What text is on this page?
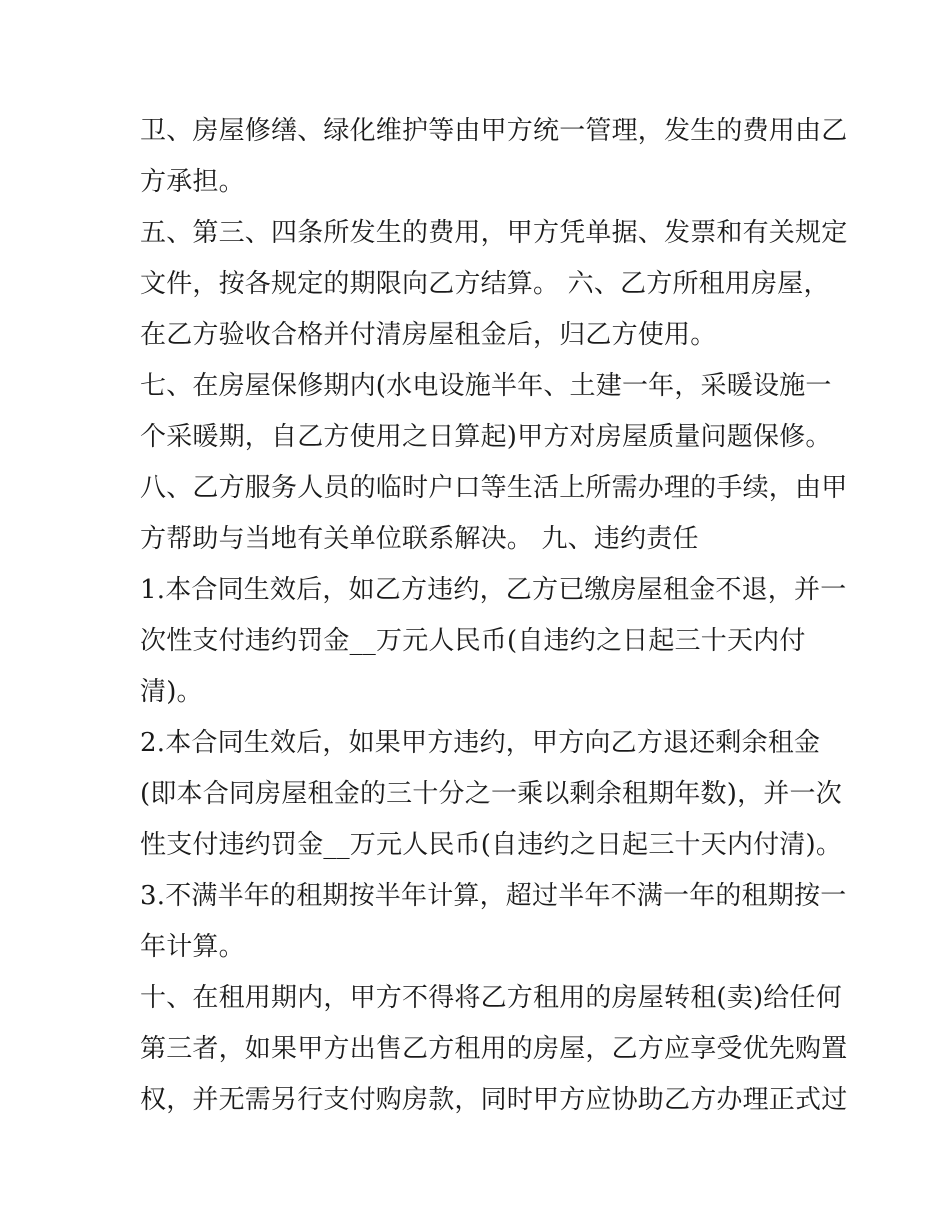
卫、房屋修缮、绿化维护等由甲方统一管理，发生的费用由乙
方承担。
五、第三、四条所发生的费用，甲方凭单据、发票和有关规定
文件，按各规定的期限向乙方结算。 六、乙方所租用房屋，
在乙方验收合格并付清房屋租金后，归乙方使用。
七、在房屋保修期内(水电设施半年、土建一年，采暖设施一
个采暖期，自乙方使用之日算起)甲方对房屋质量问题保修。
八、乙方服务人员的临时户口等生活上所需办理的手续，由甲
方帮助与当地有关单位联系解决。 九、违约责任
1.本合同生效后，如乙方违约，乙方已缴房屋租金不退，并一
次性支付违约罚金__万元人民币(自违约之日起三十天内付
清)。
2.本合同生效后，如果甲方违约，甲方向乙方退还剩余租金
(即本合同房屋租金的三十分之一乘以剩余租期年数)，并一次
性支付违约罚金__万元人民币(自违约之日起三十天内付清)。
3.不满半年的租期按半年计算，超过半年不满一年的租期按一
年计算。
十、在租用期内，甲方不得将乙方租用的房屋转租(卖)给任何
第三者，如果甲方出售乙方租用的房屋，乙方应享受优先购置
权，并无需另行支付购房款，同时甲方应协助乙方办理正式过
